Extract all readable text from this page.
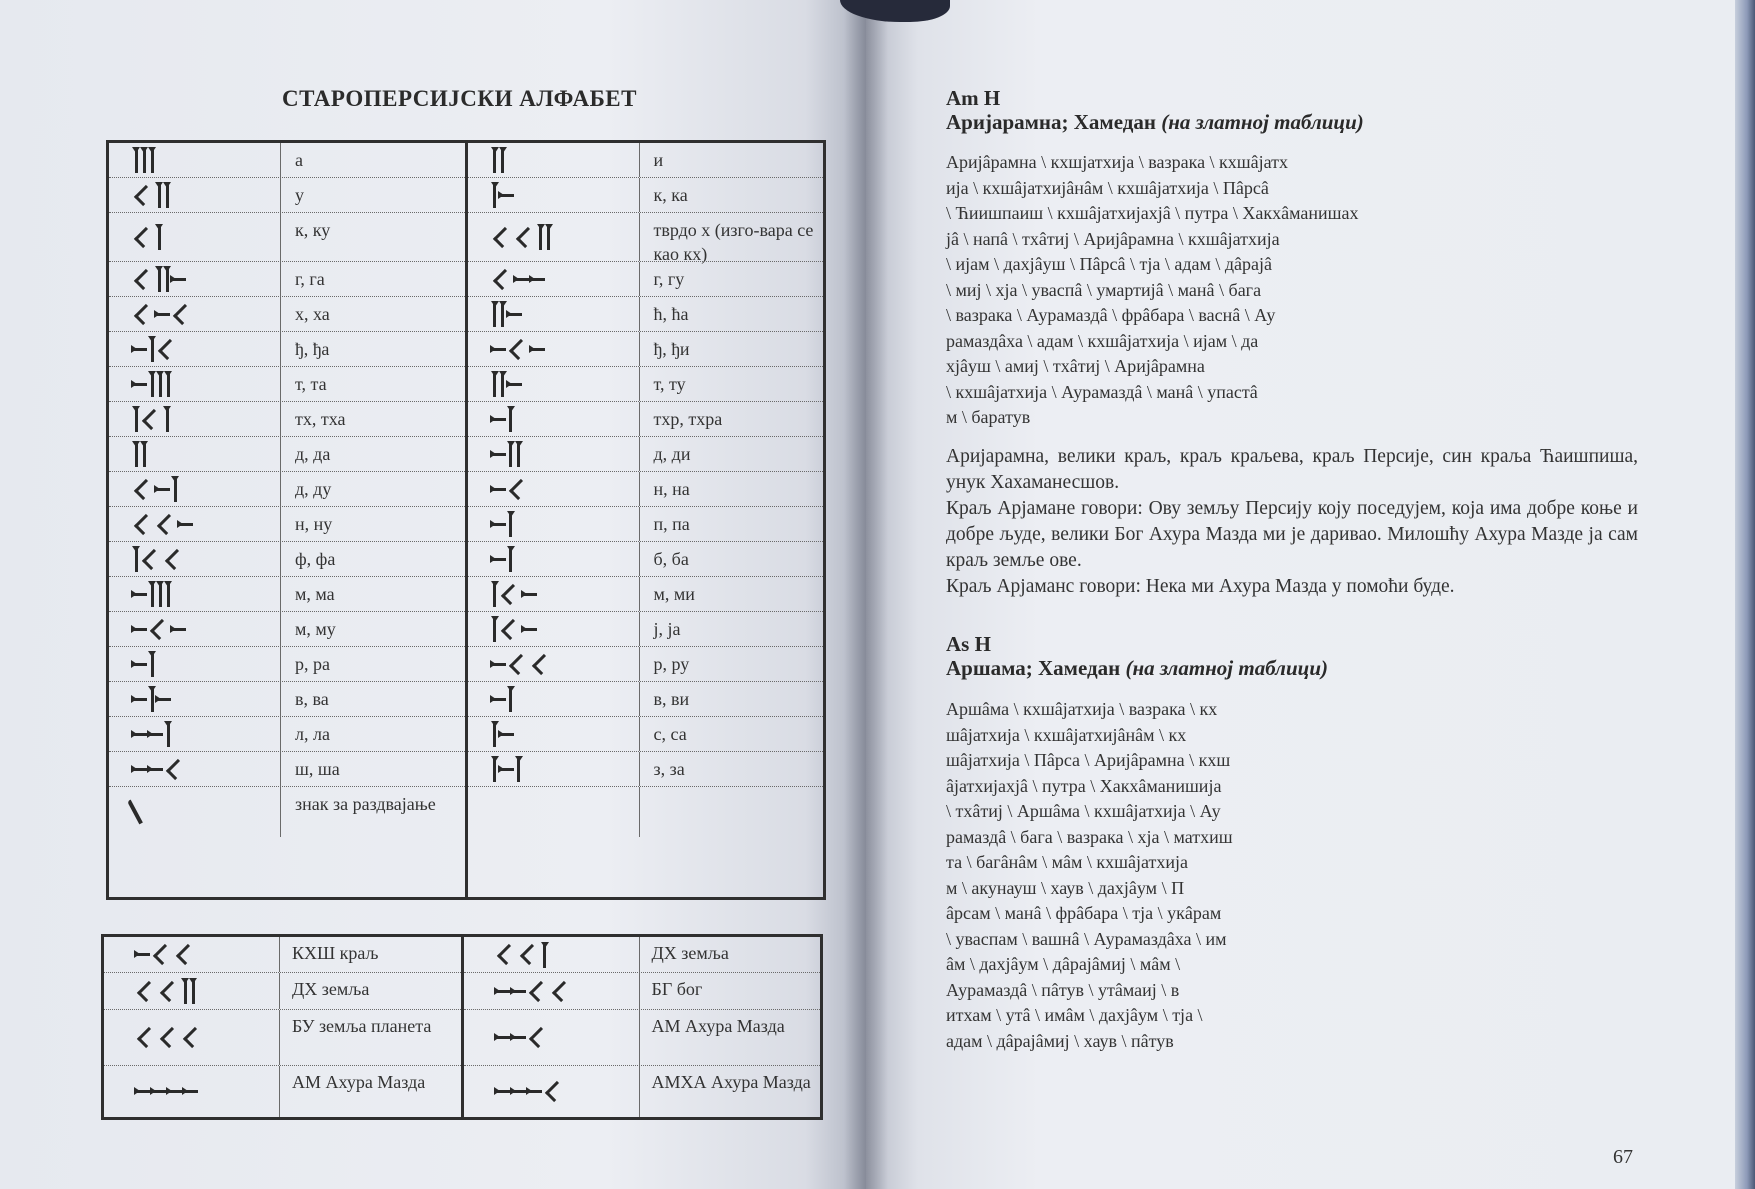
СТАРОПЕРСИЈСКИ АЛФАБЕТ
а
у
к, ку
г, га
х, ха
ђ, ђа
т, та
тх, тха
д, да
д, ду
н, ну
ф, фа
м, ма
м, му
р, ра
в, ва
л, ла
ш, ша
знак за раздвајање
и
к, ка
тврдо х (изго-вара се као кх)
г, гу
ћ, ћа
ђ, ђи
т, ту
тхр, тхра
д, ди
н, на
п, па
б, ба
м, ми
ј, ја
р, ру
в, ви
с, са
з, за
КХШ краљ
ДХ земља
БУ земља планета
АМ Ахура Мазда
ДХ земља
БГ бог
АМ Ахура Мазда
АМХА Ахура Мазда
Am H
Аријарамна; Хамедан (на златној таблици)
Аријâрамна \ кхшјатхија \ вазрака \ кхшâјатх
ија \ кхшâјатхијâнâм \ кхшâјатхија \ Пâрсâ
\ Ћиишпаиш \ кхшâјатхијахјâ \ путра \ Хакхâманишах
јâ \ напâ \ тхâтиј \ Аријâрамна \ кхшâјатхија
\ ијам \ дахјâуш \ Пâрсâ \ тја \ адам \ дâрајâ
\ миј \ хја \ уваспâ \ умартијâ \ манâ \ бага
\ вазрака \ Аурамаздâ \ фрâбара \ васнâ \ Ау
рамаздâха \ адам \ кхшâјатхија \ ијам \ да
хјâуш \ амиј \ тхâтиј \ Аријâрамна
\ кхшâјатхија \ Аурамаздâ \ манâ \ упастâ
м \ баратув

Аријарамна, велики краљ, краљ краљева, краљ Персије, син краља Ћаишпиша, унук Хахаманесшов.

Краљ Арјамане говори: Ову земљу Персију коју поседујем, која има добре коње и добре људе, велики Бог Ахура Мазда ми је даривао. Милошћу Ахура Мазде ја сам краљ земље ове.

Краљ Арјаманс говори: Нека ми Ахура Мазда у помоћи буде.

As H
Аршама; Хамедан (на златној таблици)
Аршâма \ кхшâјатхија \ вазрака \ кх
шâјатхија \ кхшâјатхијâнâм \ кх
шâјатхија \ Пâрса \ Аријâрамна \ кхш
âјатхијахјâ \ путра \ Хакхâманишија
\ тхâтиј \ Аршâма \ кхшâјатхија \ Ау
рамаздâ \ бага \ вазрака \ хја \ матхиш
та \ багâнâм \ мâм \ кхшâјатхија
м \ акунауш \ хаув \ дахјâум \ П
âрсам \ манâ \ фрâбара \ тја \ укâрам
\ уваспам \ вашнâ \ Аурамаздâха \ им
âм \ дахјâум \ дâрајâмиј \ мâм \
Аурамаздâ \ пâтув \ утâмаиј \ в
итхам \ утâ \ имâм \ дахјâум \ тја \
адам \ дâрајâмиј \ хаув \ пâтув
67
